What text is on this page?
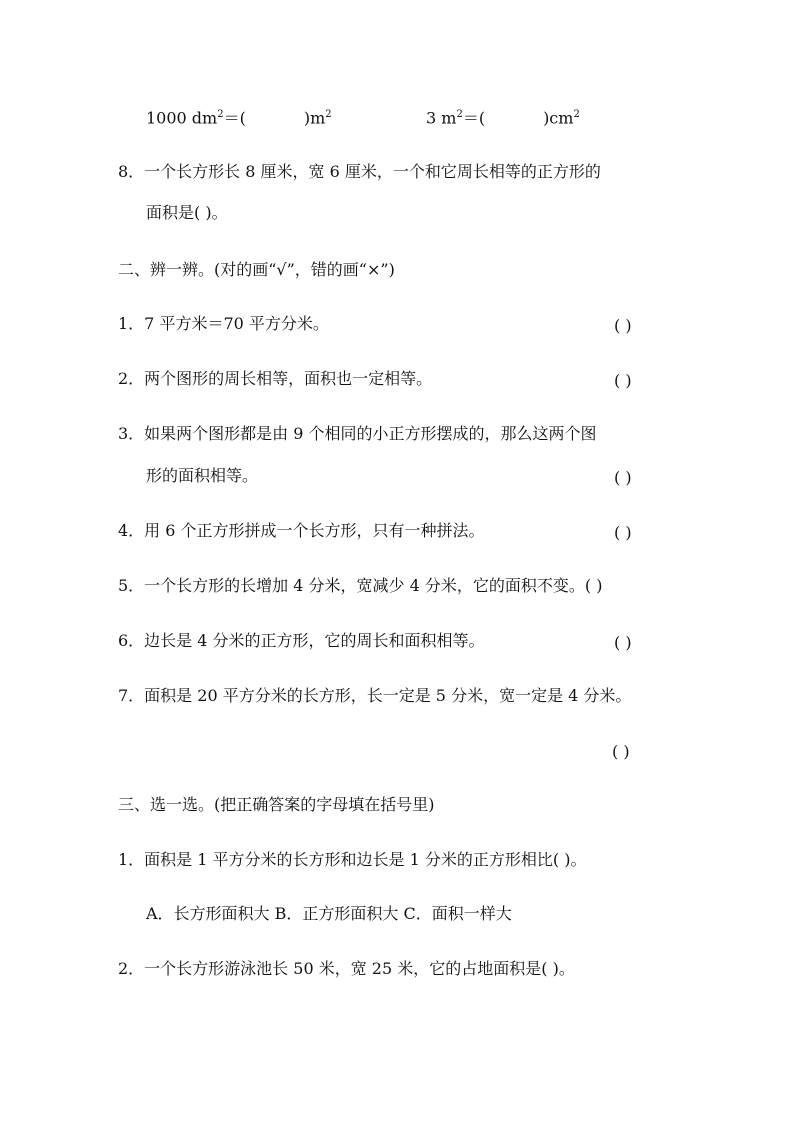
1000 $dm^2=$(	)$m^2$	3 $m^2=$(	)$cm^2$
8．一个长方形长 8 厘米，宽 6 厘米，一个和它周长相等的正方形的
面积是( )。
二、辨一辨。(对的画“√”，错的画“×”)
1．7 平方米＝70 平方分米。	( )
2．两个图形的周长相等，面积也一定相等。	( )
3．如果两个图形都是由 9 个相同的小正方形摆成的，那么这两个图
形的面积相等。	( )
4．用 6 个正方形拼成一个长方形，只有一种拼法。	( )
5．一个长方形的长增加 4 分米，宽减少 4 分米，它的面积不变。( )
6．边长是 4 分米的正方形，它的周长和面积相等。	( )
7．面积是 20 平方分米的长方形，长一定是 5 分米，宽一定是 4 分米。
( )
三、选一选。(把正确答案的字母填在括号里)
1．面积是 1 平方分米的长方形和边长是 1 分米的正方形相比( )。
A．长方形面积大 B．正方形面积大 C．面积一样大
2．一个长方形游泳池长 50 米，宽 25 米，它的占地面积是( )。
